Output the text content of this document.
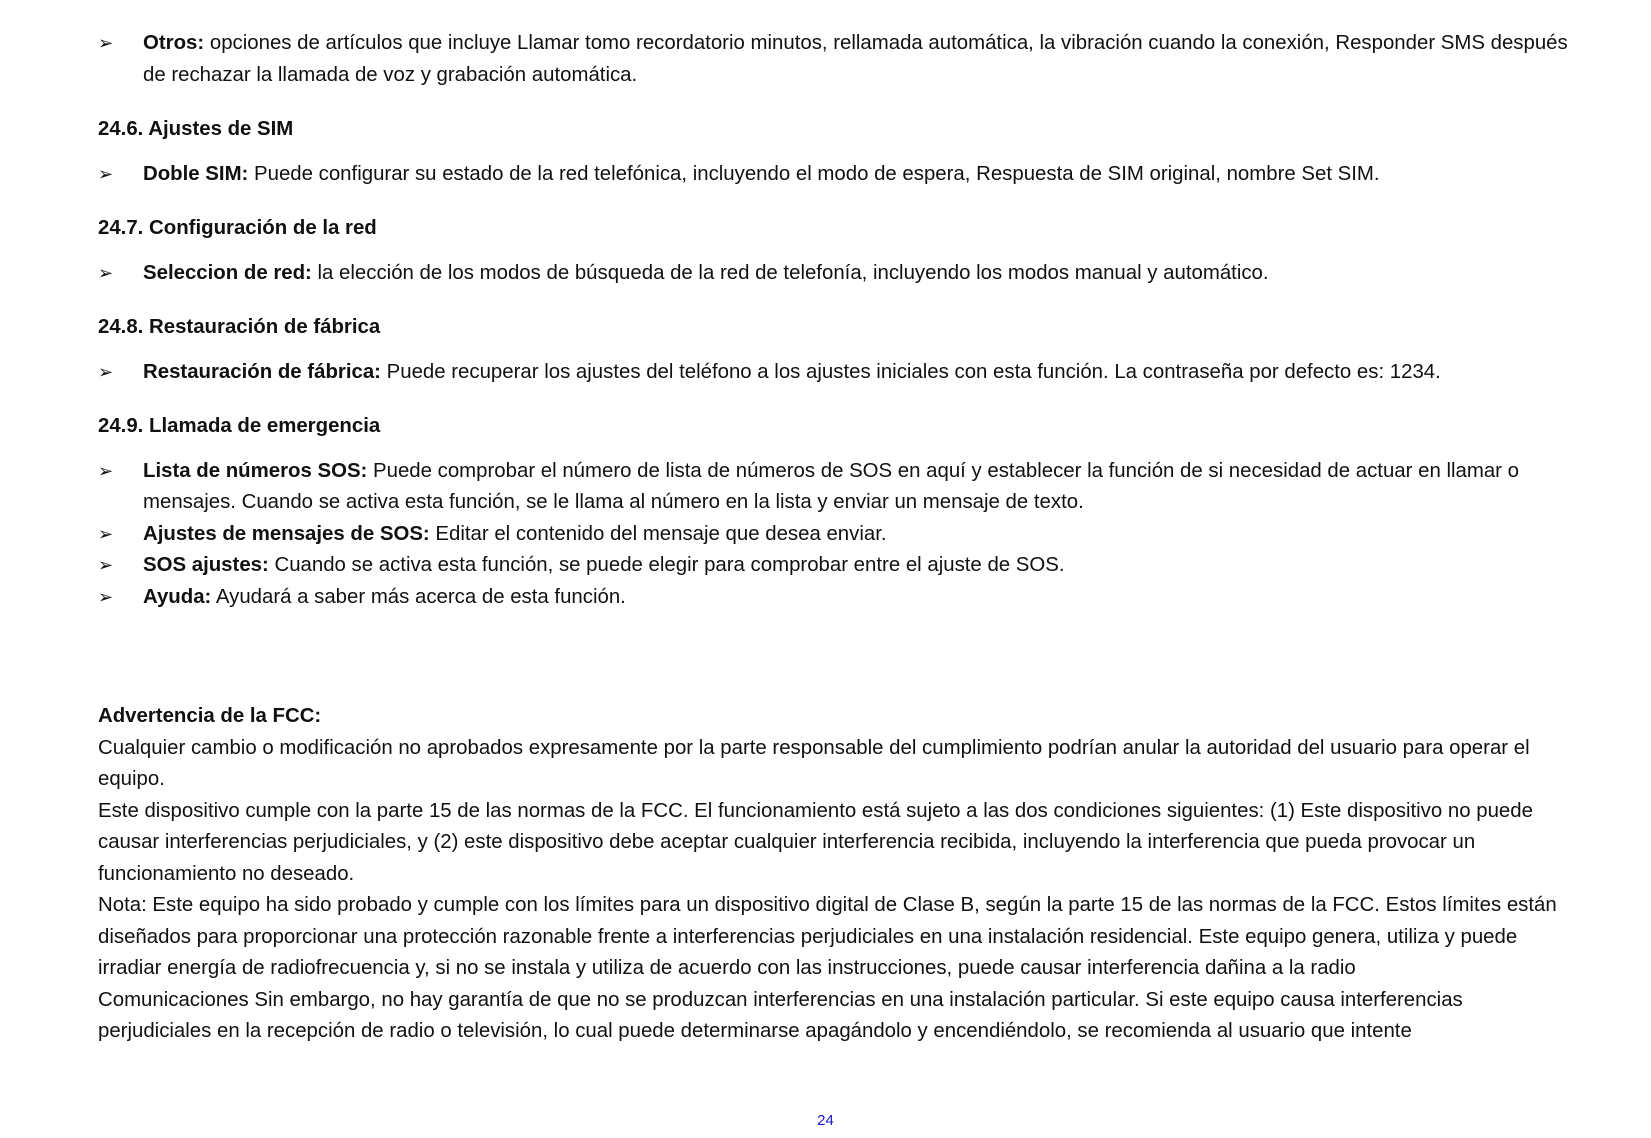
➢ Otros: opciones de artículos que incluye Llamar tomo recordatorio minutos, rellamada automática, la vibración cuando la conexión, Responder SMS después de rechazar la llamada de voz y grabación automática.
24.6. Ajustes de SIM
➢ Doble SIM: Puede configurar su estado de la red telefónica, incluyendo el modo de espera, Respuesta de SIM original, nombre Set SIM.
24.7. Configuración de la red
➢ Seleccion de red: la elección de los modos de búsqueda de la red de telefonía, incluyendo los modos manual y automático.
24.8. Restauración de fábrica
➢ Restauración de fábrica: Puede recuperar los ajustes del teléfono a los ajustes iniciales con esta función. La contraseña por defecto es: 1234.
24.9. Llamada de emergencia
➢ Lista de números SOS: Puede comprobar el número de lista de números de SOS en aquí y establecer la función de si necesidad de actuar en llamar o mensajes. Cuando se activa esta función, se le llama al número en la lista y enviar un mensaje de texto.
➢ Ajustes de mensajes de SOS: Editar el contenido del mensaje que desea enviar.
➢ SOS ajustes: Cuando se activa esta función, se puede elegir para comprobar entre el ajuste de SOS.
➢ Ayuda: Ayudará a saber más acerca de esta función.
Advertencia de la FCC:
Cualquier cambio o modificación no aprobados expresamente por la parte responsable del cumplimiento podrían anular la autoridad del usuario para operar el equipo.
Este dispositivo cumple con la parte 15 de las normas de la FCC. El funcionamiento está sujeto a las dos condiciones siguientes: (1) Este dispositivo no puede causar interferencias perjudiciales, y (2) este dispositivo debe aceptar cualquier interferencia recibida, incluyendo la interferencia que pueda provocar un funcionamiento no deseado.
Nota: Este equipo ha sido probado y cumple con los límites para un dispositivo digital de Clase B, según la parte 15 de las normas de la FCC. Estos límites están diseñados para proporcionar una protección razonable frente a interferencias perjudiciales en una instalación residencial. Este equipo genera, utiliza y puede irradiar energía de radiofrecuencia y, si no se instala y utiliza de acuerdo con las instrucciones, puede causar interferencia dañina a la radio
Comunicaciones Sin embargo, no hay garantía de que no se produzcan interferencias en una instalación particular. Si este equipo causa interferencias perjudiciales en la recepción de radio o televisión, lo cual puede determinarse apagándolo y encendiéndolo, se recomienda al usuario que intente
24
